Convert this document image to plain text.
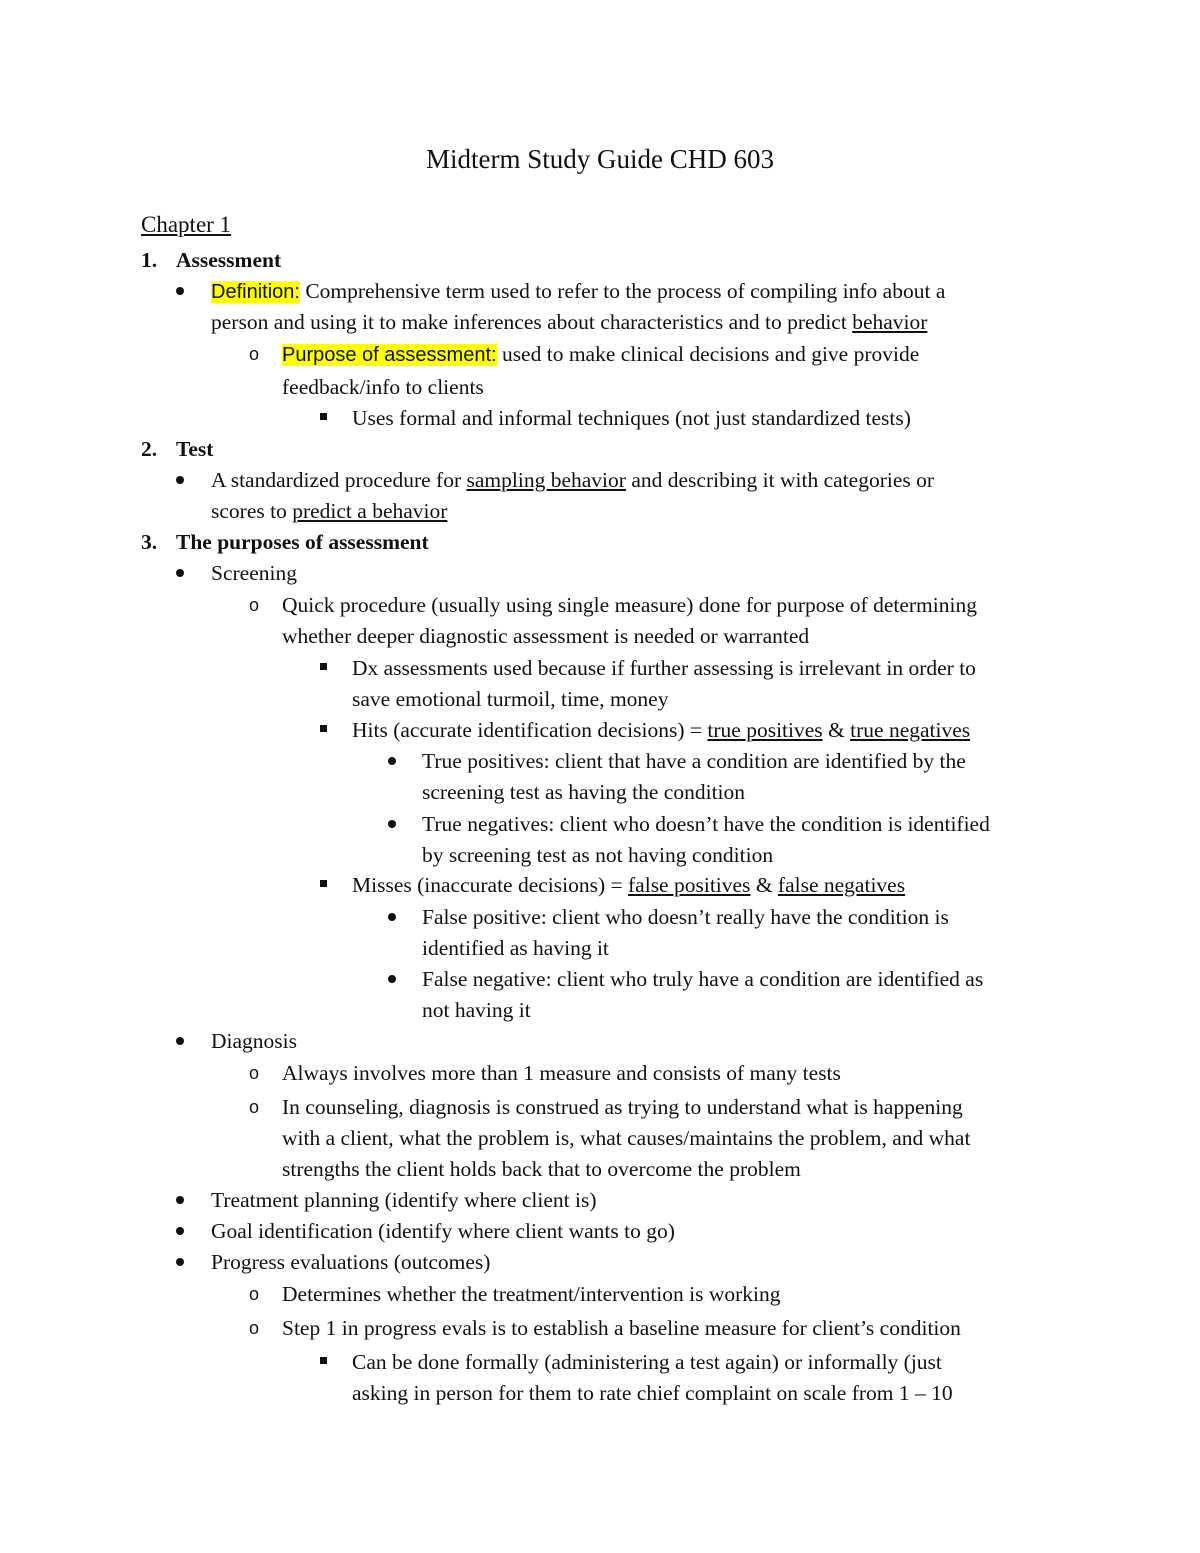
Midterm Study Guide CHD 603
Chapter 1
1. Assessment
Definition: Comprehensive term used to refer to the process of compiling info about a
person and using it to make inferences about characteristics and to predict behavior
o Purpose of assessment: used to make clinical decisions and give provide
feedback/info to clients
Uses formal and informal techniques (not just standardized tests)
2. Test
A standardized procedure for sampling behavior and describing it with categories or
scores to predict a behavior
3. The purposes of assessment
Screening
o Quick procedure (usually using single measure) done for purpose of determining
whether deeper diagnostic assessment is needed or warranted
Dx assessments used because if further assessing is irrelevant in order to
save emotional turmoil, time, money
Hits (accurate identification decisions) = true positives & true negatives
True positives: client that have a condition are identified by the
screening test as having the condition
True negatives: client who doesn’t have the condition is identified
by screening test as not having condition
Misses (inaccurate decisions) = false positives & false negatives
False positive: client who doesn’t really have the condition is
identified as having it
False negative: client who truly have a condition are identified as
not having it
Diagnosis
o Always involves more than 1 measure and consists of many tests
o In counseling, diagnosis is construed as trying to understand what is happening
with a client, what the problem is, what causes/maintains the problem, and what
strengths the client holds back that to overcome the problem
Treatment planning (identify where client is)
Goal identification (identify where client wants to go)
Progress evaluations (outcomes)
o Determines whether the treatment/intervention is working
o Step 1 in progress evals is to establish a baseline measure for client’s condition
Can be done formally (administering a test again) or informally (just
asking in person for them to rate chief complaint on scale from 1 – 10
